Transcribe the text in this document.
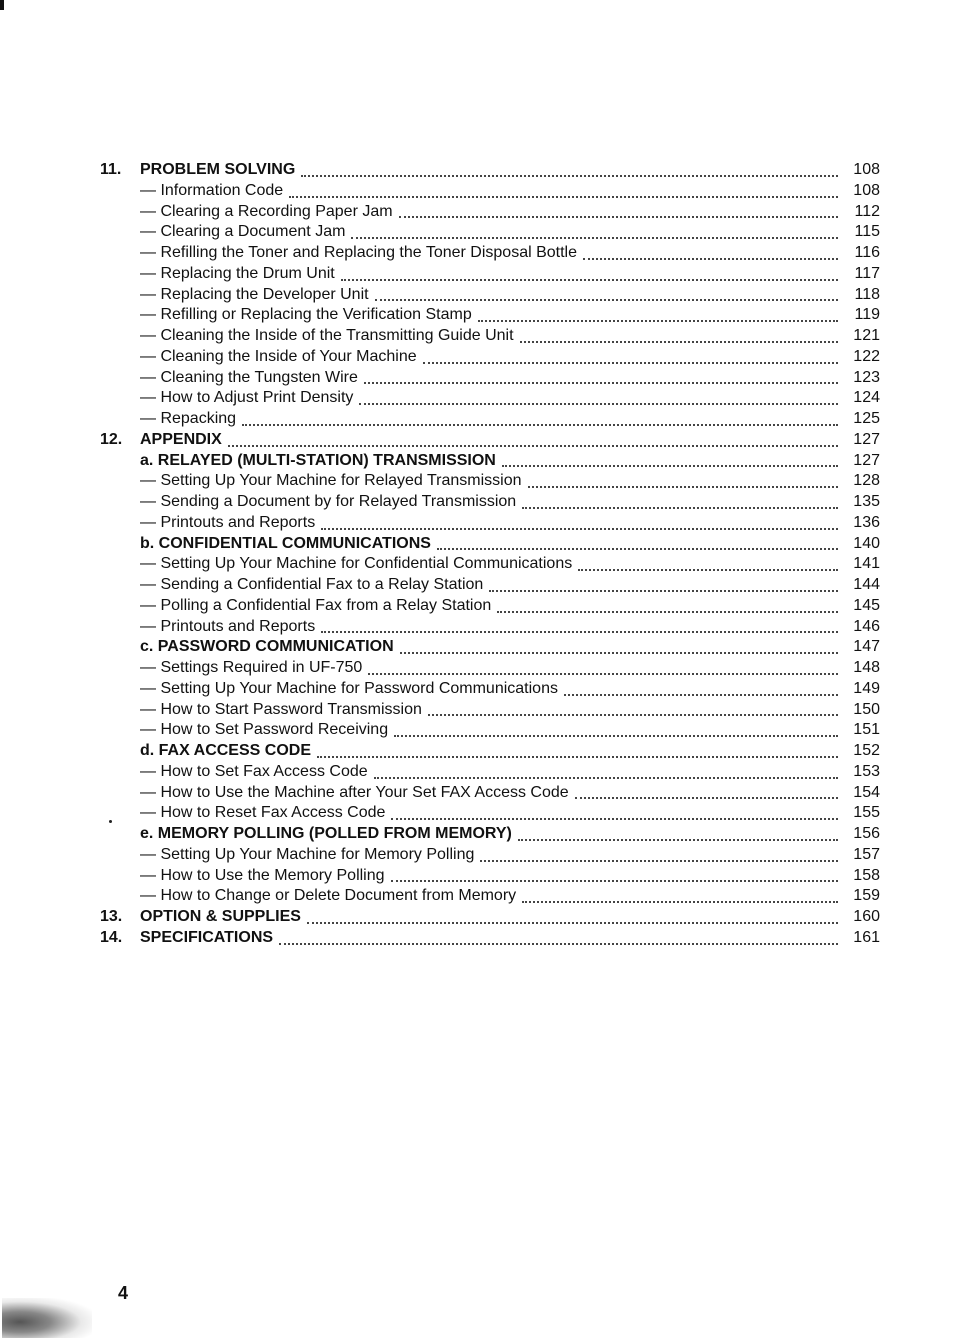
11.	PROBLEM SOLVING	108
— Information Code	108
— Clearing a Recording Paper Jam	112
— Clearing a Document Jam	115
— Refilling the Toner and Replacing the Toner Disposal Bottle	116
— Replacing the Drum Unit	117
— Replacing the Developer Unit	118
— Refilling or Replacing the Verification Stamp	119
— Cleaning the Inside of the Transmitting Guide Unit	121
— Cleaning the Inside of Your Machine	122
— Cleaning the Tungsten Wire	123
— How to Adjust Print Density	124
— Repacking	125
12.	APPENDIX	127
a. RELAYED (MULTI-STATION) TRANSMISSION	127
— Setting Up Your Machine for Relayed Transmission	128
— Sending a Document by for Relayed Transmission	135
— Printouts and Reports	136
b. CONFIDENTIAL COMMUNICATIONS	140
— Setting Up Your Machine for Confidential Communications	141
— Sending a Confidential Fax to a Relay Station	144
— Polling a Confidential Fax from a Relay Station	145
— Printouts and Reports	146
c. PASSWORD COMMUNICATION	147
— Settings Required in UF-750	148
— Setting Up Your Machine for Password Communications	149
— How to Start Password Transmission	150
— How to Set Password Receiving	151
d. FAX ACCESS CODE	152
— How to Set Fax Access Code	153
— How to Use the Machine after Your Set FAX Access Code	154
— How to Reset Fax Access Code	155
e. MEMORY POLLING (POLLED FROM MEMORY)	156
— Setting Up Your Machine for Memory Polling	157
— How to Use the Memory Polling	158
— How to Change or Delete Document from Memory	159
13.	OPTION & SUPPLIES	160
14.	SPECIFICATIONS	161
4
